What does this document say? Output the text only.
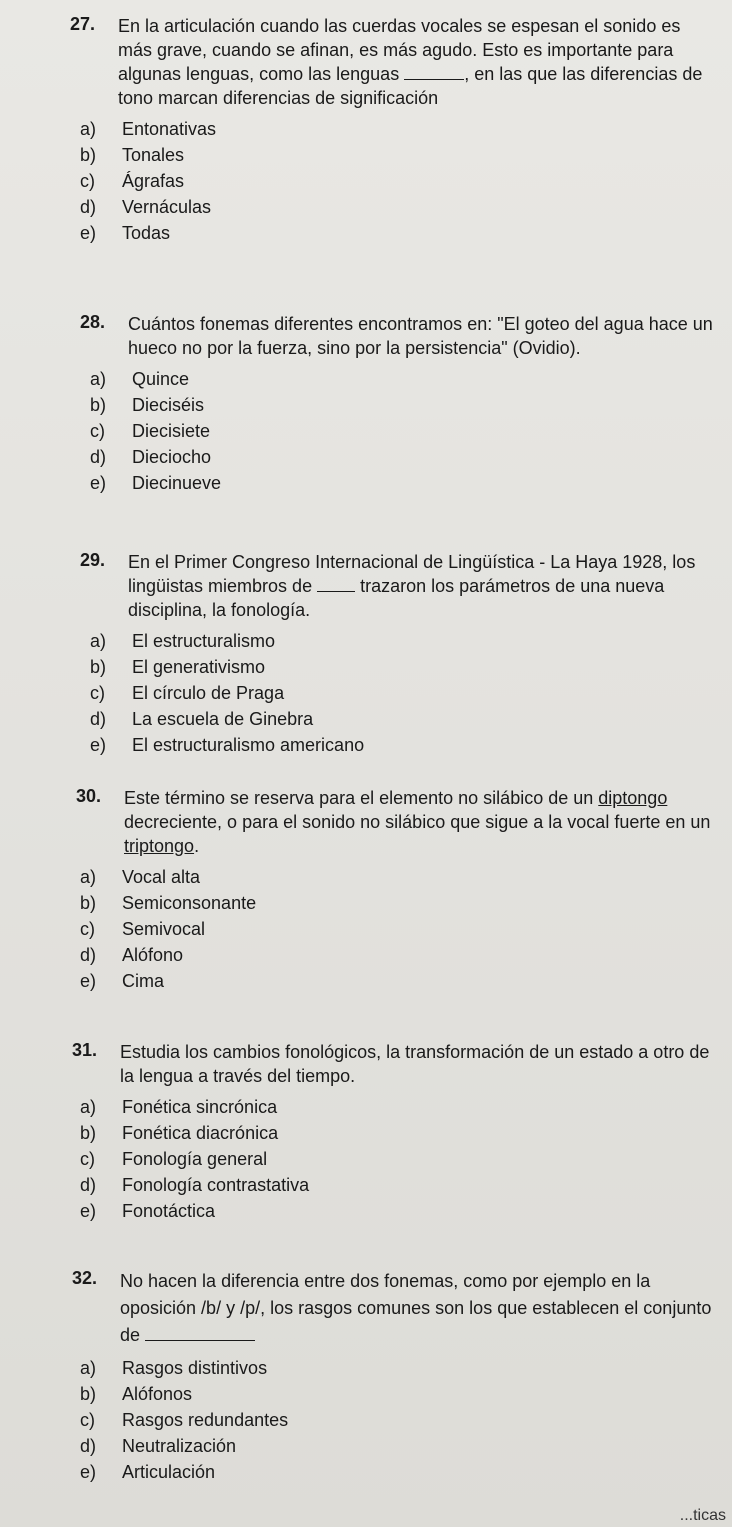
27. En la articulación cuando las cuerdas vocales se espesan el sonido es más grave, cuando se afinan, es más agudo. Esto es importante para algunas lenguas, como las lenguas	, en las que las diferencias de tono marcan diferencias de significación
a)	Entonativas
b)	Tonales
c)	Ágrafas
d)	Vernáculas
e)	Todas
28. Cuántos fonemas diferentes encontramos en: "El goteo del agua hace un hueco no por la fuerza, sino por la persistencia" (Ovidio).
a)	Quince
b)	Dieciséis
c)	Diecisiete
d)	Dieciocho
e)	Diecinueve
29. En el Primer Congreso Internacional de Lingüística - La Haya 1928, los lingüistas miembros de  trazaron los parámetros de una nueva disciplina, la fonología.
a)	El estructuralismo
b)	El generativismo
c)	El círculo de Praga
d)	La escuela de Ginebra
e)	El estructuralismo americano
30. Este término se reserva para el elemento no silábico de un diptongo decreciente, o para el sonido no silábico que sigue a la vocal fuerte en un triptongo.
a)	Vocal alta
b)	Semiconsonante
c)	Semivocal
d)	Alófono
e)	Cima
31. Estudia los cambios fonológicos, la transformación de un estado a otro de la lengua a través del tiempo.
a)	Fonética sincrónica
b)	Fonética diacrónica
c)	Fonología general
d)	Fonología contrastativa
e)	Fonotáctica
32. No hacen la diferencia entre dos fonemas, como por ejemplo en la oposición /b/ y /p/, los rasgos comunes son los que establecen el conjunto de
a)	Rasgos distintivos
b)	Alófonos
c)	Rasgos redundantes
d)	Neutralización
e)	Articulación
...ticas
